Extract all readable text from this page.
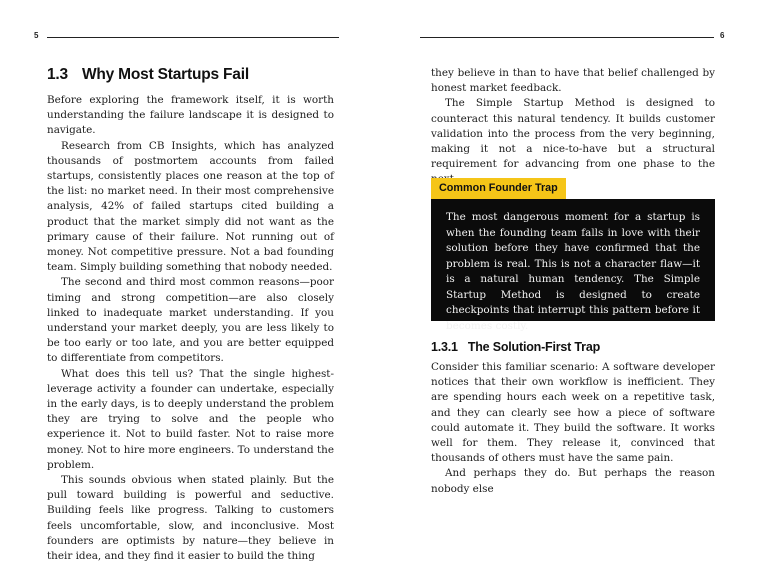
5
1.3 Why Most Startups Fail

Before exploring the framework itself, it is worth understanding the failure landscape it is designed to navigate.

Research from CB Insights, which has analyzed thousands of postmortem accounts from failed startups, consistently places one reason at the top of the list: no market need. In their most comprehensive analysis, 42% of failed startups cited building a product that the market simply did not want as the primary cause of their failure. Not running out of money. Not competitive pressure. Not a bad founding team. Simply building something that nobody needed.

The second and third most common reasons—poor timing and strong competition—are also closely linked to inadequate market understanding. If you understand your market deeply, you are less likely to be too early or too late, and you are better equipped to differentiate from competitors.

What does this tell us? That the single highest-leverage activity a founder can undertake, especially in the early days, is to deeply understand the problem they are trying to solve and the people who experience it. Not to build faster. Not to raise more money. Not to hire more engineers. To understand the problem.

This sounds obvious when stated plainly. But the pull toward building is powerful and seductive. Building feels like progress. Talking to customers feels uncomfortable, slow, and inconclusive. Most founders are optimists by nature—they believe in their idea, and they find it easier to build the thing

6

they believe in than to have that belief challenged by honest market feedback.

The Simple Startup Method is designed to counteract this natural tendency. It builds customer validation into the process from the very beginning, making it not a nice-to-have but a structural requirement for advancing from one phase to the

Common Founder Trap
The most dangerous moment for a startup is when the founding team falls in love with their solution before they have confirmed that the problem is real. This is not a character flaw—it is a natural human tendency. The Simple Startup Method is designed to create checkpoints that interrupt this pattern before it becomes costly.
1.3.1 The Solution-First Trap

Consider this familiar scenario: A software developer notices that their own workflow is inefficient. They are spending hours each week on a repetitive task, and they can clearly see how a piece of software could automate it. They build the software. It works well for them. They release it, convinced that thousands of others must have the same pain.

And perhaps they do. But perhaps the reason nobody else
